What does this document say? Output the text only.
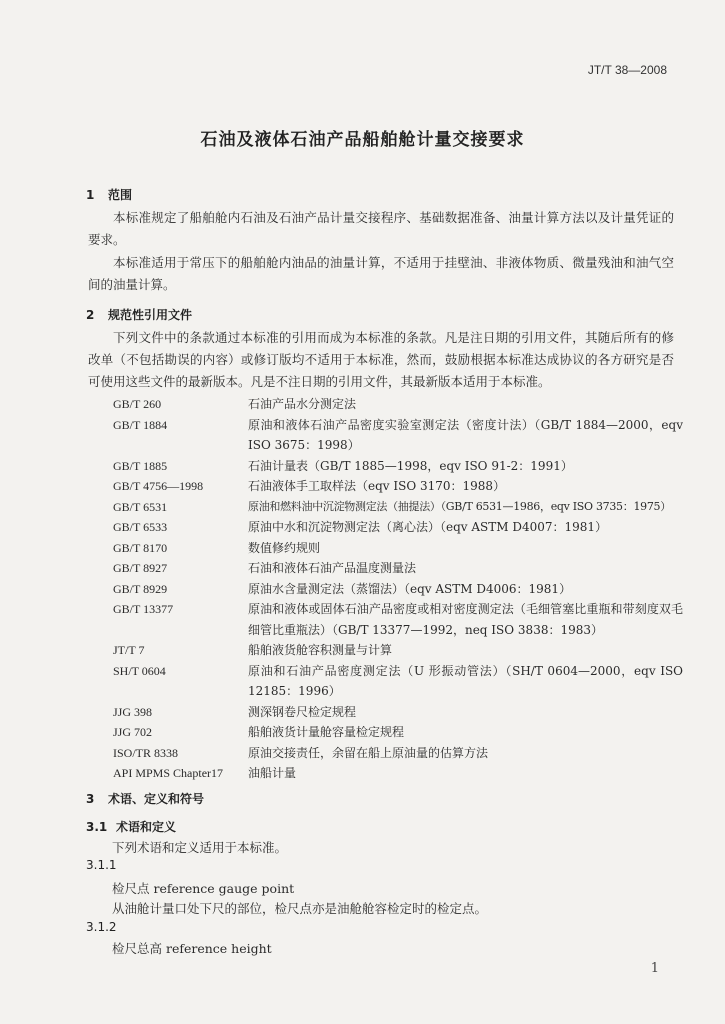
JT/T 38—2008
石油及液体石油产品船舶舱计量交接要求
1 范围
本标准规定了船舶舱内石油及石油产品计量交接程序、基础数据准备、油量计算方法以及计量凭证的要求。
本标准适用于常压下的船舶舱内油品的油量计算，不适用于挂壁油、非液体物质、微量残油和油气空间的油量计算。
2 规范性引用文件
下列文件中的条款通过本标准的引用而成为本标准的条款。凡是注日期的引用文件，其随后所有的修改单（不包括勘误的内容）或修订版均不适用于本标准，然而，鼓励根据本标准达成协议的各方研究是否可使用这些文件的最新版本。凡是不注日期的引用文件，其最新版本适用于本标准。
GB/T 260	石油产品水分测定法
GB/T 1884	原油和液体石油产品密度实验室测定法（密度计法）（GB/T 1884—2000，eqv ISO 3675：1998）
GB/T 1885	石油计量表（GB/T 1885—1998，eqv ISO 91-2：1991）
GB/T 4756—1998	石油液体手工取样法（eqv ISO 3170：1988）
GB/T 6531	原油和燃料油中沉淀物测定法（抽提法）（GB/T 6531—1986，eqv ISO 3735：1975）
GB/T 6533	原油中水和沉淀物测定法（离心法）（eqv ASTM D4007：1981）
GB/T 8170	数值修约规则
GB/T 8927	石油和液体石油产品温度测量法
GB/T 8929	原油水含量测定法（蒸馏法）（eqv ASTM D4006：1981）
GB/T 13377	原油和液体或固体石油产品密度或相对密度测定法（毛细管塞比重瓶和带刻度双毛细管比重瓶法）（GB/T 13377—1992，neq ISO 3838：1983）
JT/T 7	船舶液货舱容积测量与计算
SH/T 0604	原油和石油产品密度测定法（U 形振动管法）（SH/T 0604—2000，eqv ISO 12185：1996）
JJG 398	测深钢卷尺检定规程
JJG 702	船舶液货计量舱容量检定规程
ISO/TR 8338	原油交接责任，余留在船上原油量的估算方法
API MPMS Chapter17	油船计量
3 术语、定义和符号
3.1 术语和定义
下列术语和定义适用于本标准。
3.1.1
检尺点 reference gauge point
从油舱计量口处下尺的部位，检尺点亦是油舱舱容检定时的检定点。
3.1.2
检尺总高 reference height
1
